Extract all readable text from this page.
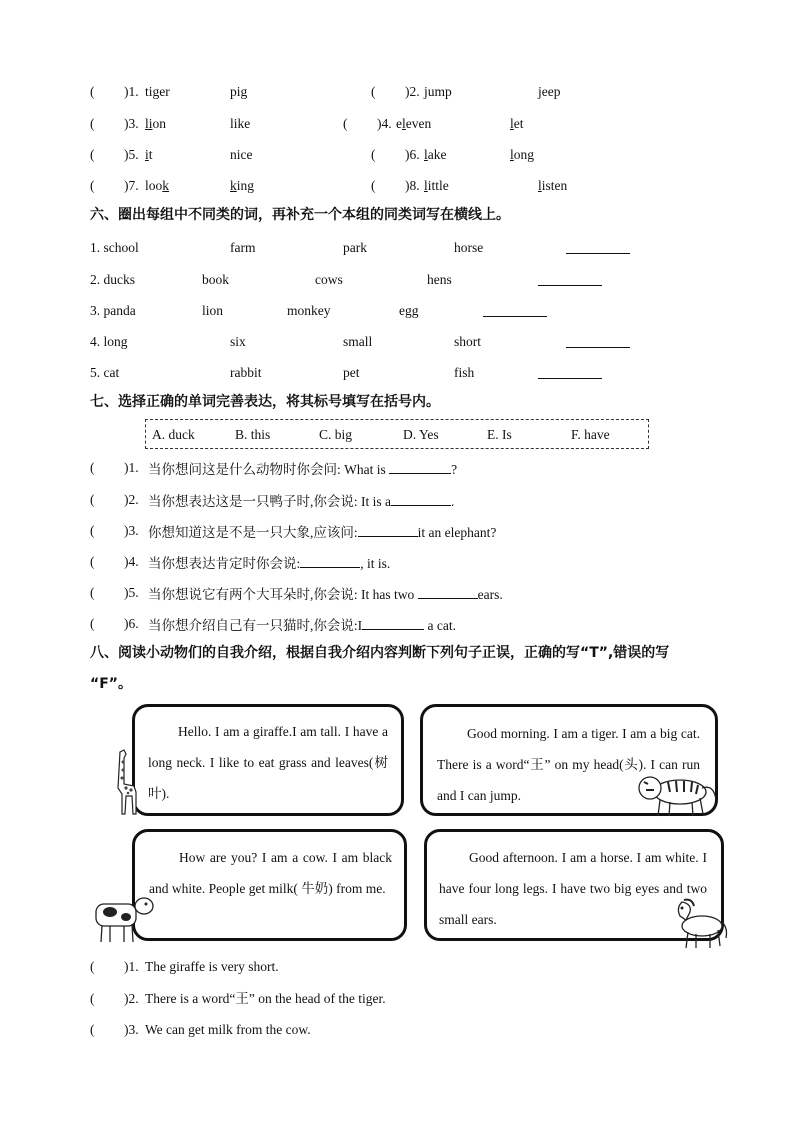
( )1. tiger	pig	( )2. jump	jeep
( )3. lion	like	( )4. eleven	let
( )5. it	nice	( )6. lake	long
( )7. look	king	( )8. little	listen
六、圈出每组中不同类的词，再补充一个本组的同类词写在横线上。
1. school	farm	park	horse
2. ducks	book	cows	hens
3. panda	lion	monkey	egg
4. long	six	small	short
5. cat	rabbit	pet	fish
七、选择正确的单词完善表达，将其标号填写在括号内。
A. duck	B. this	C. big	D. Yes	E. Is	F. have
( )1. 当你想问这是什么动物时你会问: What is	?
( )2. 当你想表达这是一只鸭子时,你会说: It is a	.
( )3. 你想知道这是不是一只大象,应该问:	it an elephant?
( )4. 当你想表达肯定时你会说:	, it is.
( )5. 当你想说它有两个大耳朵时,你会说: It has two	ears.
( )6. 当你想介绍自己有一只猫时,你会说:I	a cat.
八、阅读小动物们的自我介绍，根据自我介绍内容判断下列句子正误，正确的写“T”,错误的写
“F”。
Hello. I am a giraffe.I am tall. I have a long neck. I like to eat grass and leaves(树叶).
Good morning. I am a tiger. I am a big cat. There is a word“王” on my head(头). I can run and I can jump.
How are you? I am a cow. I am black and white. People get milk( 牛奶) from me.
Good afternoon. I am a horse. I am white. I have four long legs. I have two big eyes and two small ears.
( )1. The giraffe is very short.
( )2. There is a word“王” on the head of the tiger.
( )3. We can get milk from the cow.
